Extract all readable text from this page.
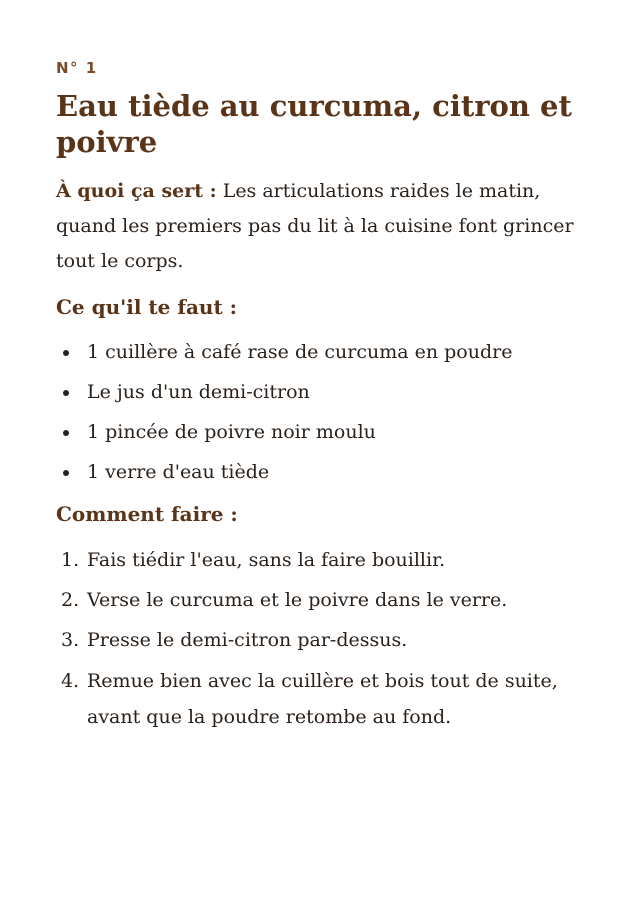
N° 1

Eau tiède au curcuma, citron et poivre

À quoi ça sert : Les articulations raides le matin, quand les premiers pas du lit à la cuisine font grincer tout le corps.

Ce qu'il te faut :
1 cuillère à café rase de curcuma en poudre
Le jus d'un demi-citron
1 pincée de poivre noir moulu
1 verre d'eau tiède
Comment faire :
1. Fais tiédir l'eau, sans la faire bouillir.
2. Verse le curcuma et le poivre dans le verre.
3. Presse le demi-citron par-dessus.
4. Remue bien avec la cuillère et bois tout de suite, avant que la poudre retombe au fond.
